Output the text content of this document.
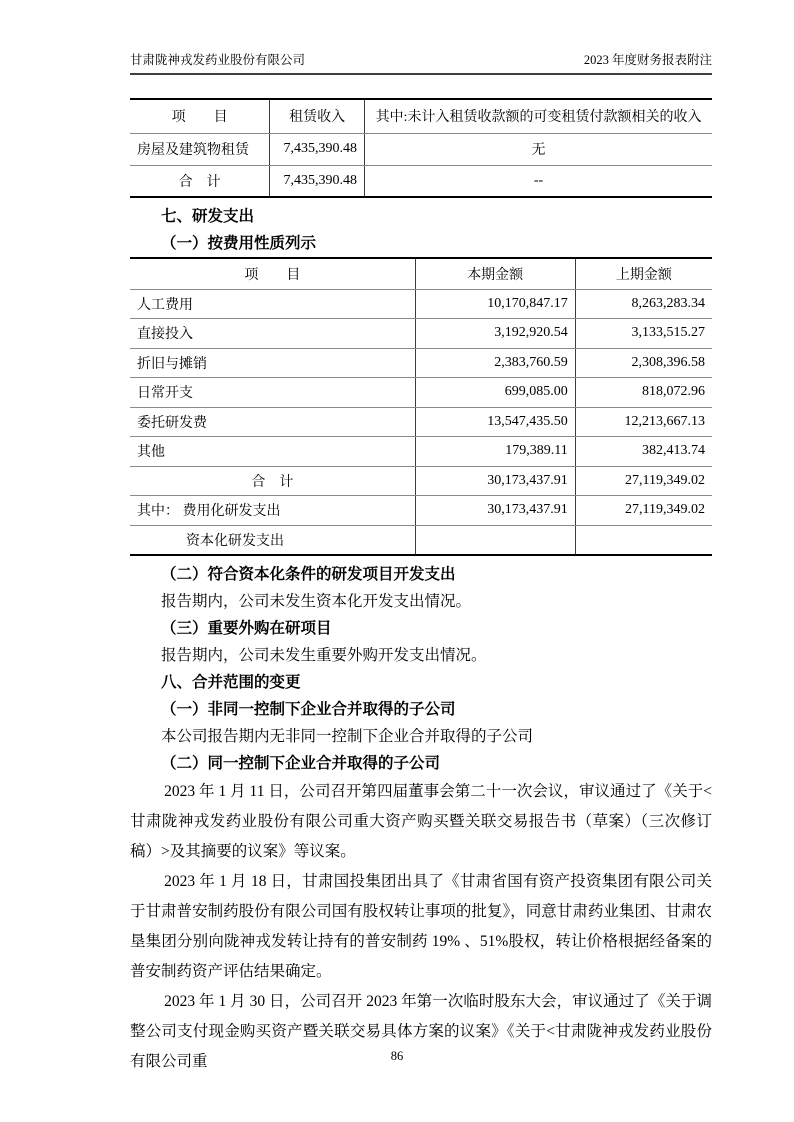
甘肃陇神戎发药业股份有限公司	2023 年度财务报表附注
项　　目	租赁收入	其中:未计入租赁收款额的可变租赁付款额相关的收入
房屋及建筑物租赁	7,435,390.48	无
合　计	7,435,390.48	--
七、研发支出
（一）按费用性质列示
项　　目	本期金额	上期金额
人工费用	10,170,847.17	8,263,283.34
直接投入	3,192,920.54	3,133,515.27
折旧与摊销	2,383,760.59	2,308,396.58
日常开支	699,085.00	818,072.96
委托研发费	13,547,435.50	12,213,667.13
其他	179,389.11	382,413.74
合　计	30,173,437.91	27,119,349.02
其中： 费用化研发支出	30,173,437.91	27,119,349.02
资本化研发支出		
（二）符合资本化条件的研发项目开发支出
报告期内，公司未发生资本化开发支出情况。
（三）重要外购在研项目
报告期内，公司未发生重要外购开发支出情况。
八、合并范围的变更
（一）非同一控制下企业合并取得的子公司
本公司报告期内无非同一控制下企业合并取得的子公司
（二）同一控制下企业合并取得的子公司

2023 年 1 月 11 日，公司召开第四届董事会第二十一次会议，审议通过了《关于<甘肃陇神戎发药业股份有限公司重大资产购买暨关联交易报告书（草案）（三次修订稿）>及其摘要的议案》等议案。

2023 年 1 月 18 日，甘肃国投集团出具了《甘肃省国有资产投资集团有限公司关于甘肃普安制药股份有限公司国有股权转让事项的批复》，同意甘肃药业集团、甘肃农垦集团分别向陇神戎发转让持有的普安制药 19% 、51%股权，转让价格根据经备案的普安制药资产评估结果确定。

2023 年 1 月 30 日，公司召开 2023 年第一次临时股东大会，审议通过了《关于调整公司支付现金购买资产暨关联交易具体方案的议案》《关于<甘肃陇神戎发药业股份有限公司重	86
